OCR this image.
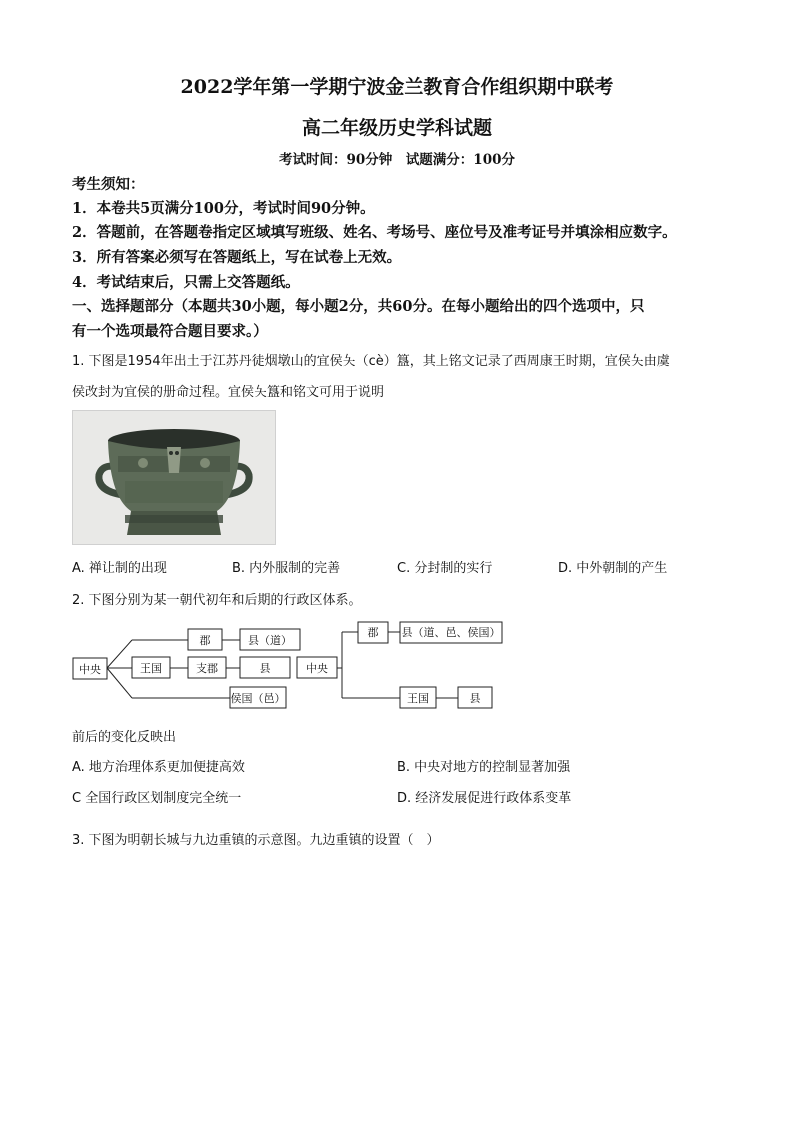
2022学年第一学期宁波金兰教育合作组织期中联考
高二年级历史学科试题
考试时间：90分钟　试题满分：100分
考生须知：
1．本卷共5页满分100分，考试时间90分钟。
2．答题前，在答题卷指定区域填写班级、姓名、考场号、座位号及准考证号并填涂相应数字。
3．所有答案必须写在答题纸上，写在试卷上无效。
4．考试结束后，只需上交答题纸。
一、选择题部分（本题共30小题，每小题2分，共60分。在每小题给出的四个选项中，只
有一个选项最符合题目要求。）
1. 下图是1954年出土于江苏丹徒烟墩山的宜侯夨（cè）簋，其上铭文记录了西周康王时期，宜侯夨由虞
侯改封为宜侯的册命过程。宜侯夨簋和铭文可用于说明
A. 禅让制的出现	B. 内外服制的完善	C. 分封制的实行	D. 中外朝制的产生
2. 下图分别为某一朝代初年和后期的行政区体系。
中央
郡	县（道）
王国	支郡	县
侯国（邑）
中央
郡 县（道、邑、侯国）
王国	县
前后的变化反映出
A. 地方治理体系更加便捷高效	B. 中央对地方的控制显著加强
C 全国行政区划制度完全统一	D. 经济发展促进行政体系变革
3. 下图为明朝长城与九边重镇的示意图。九边重镇的设置（　）
